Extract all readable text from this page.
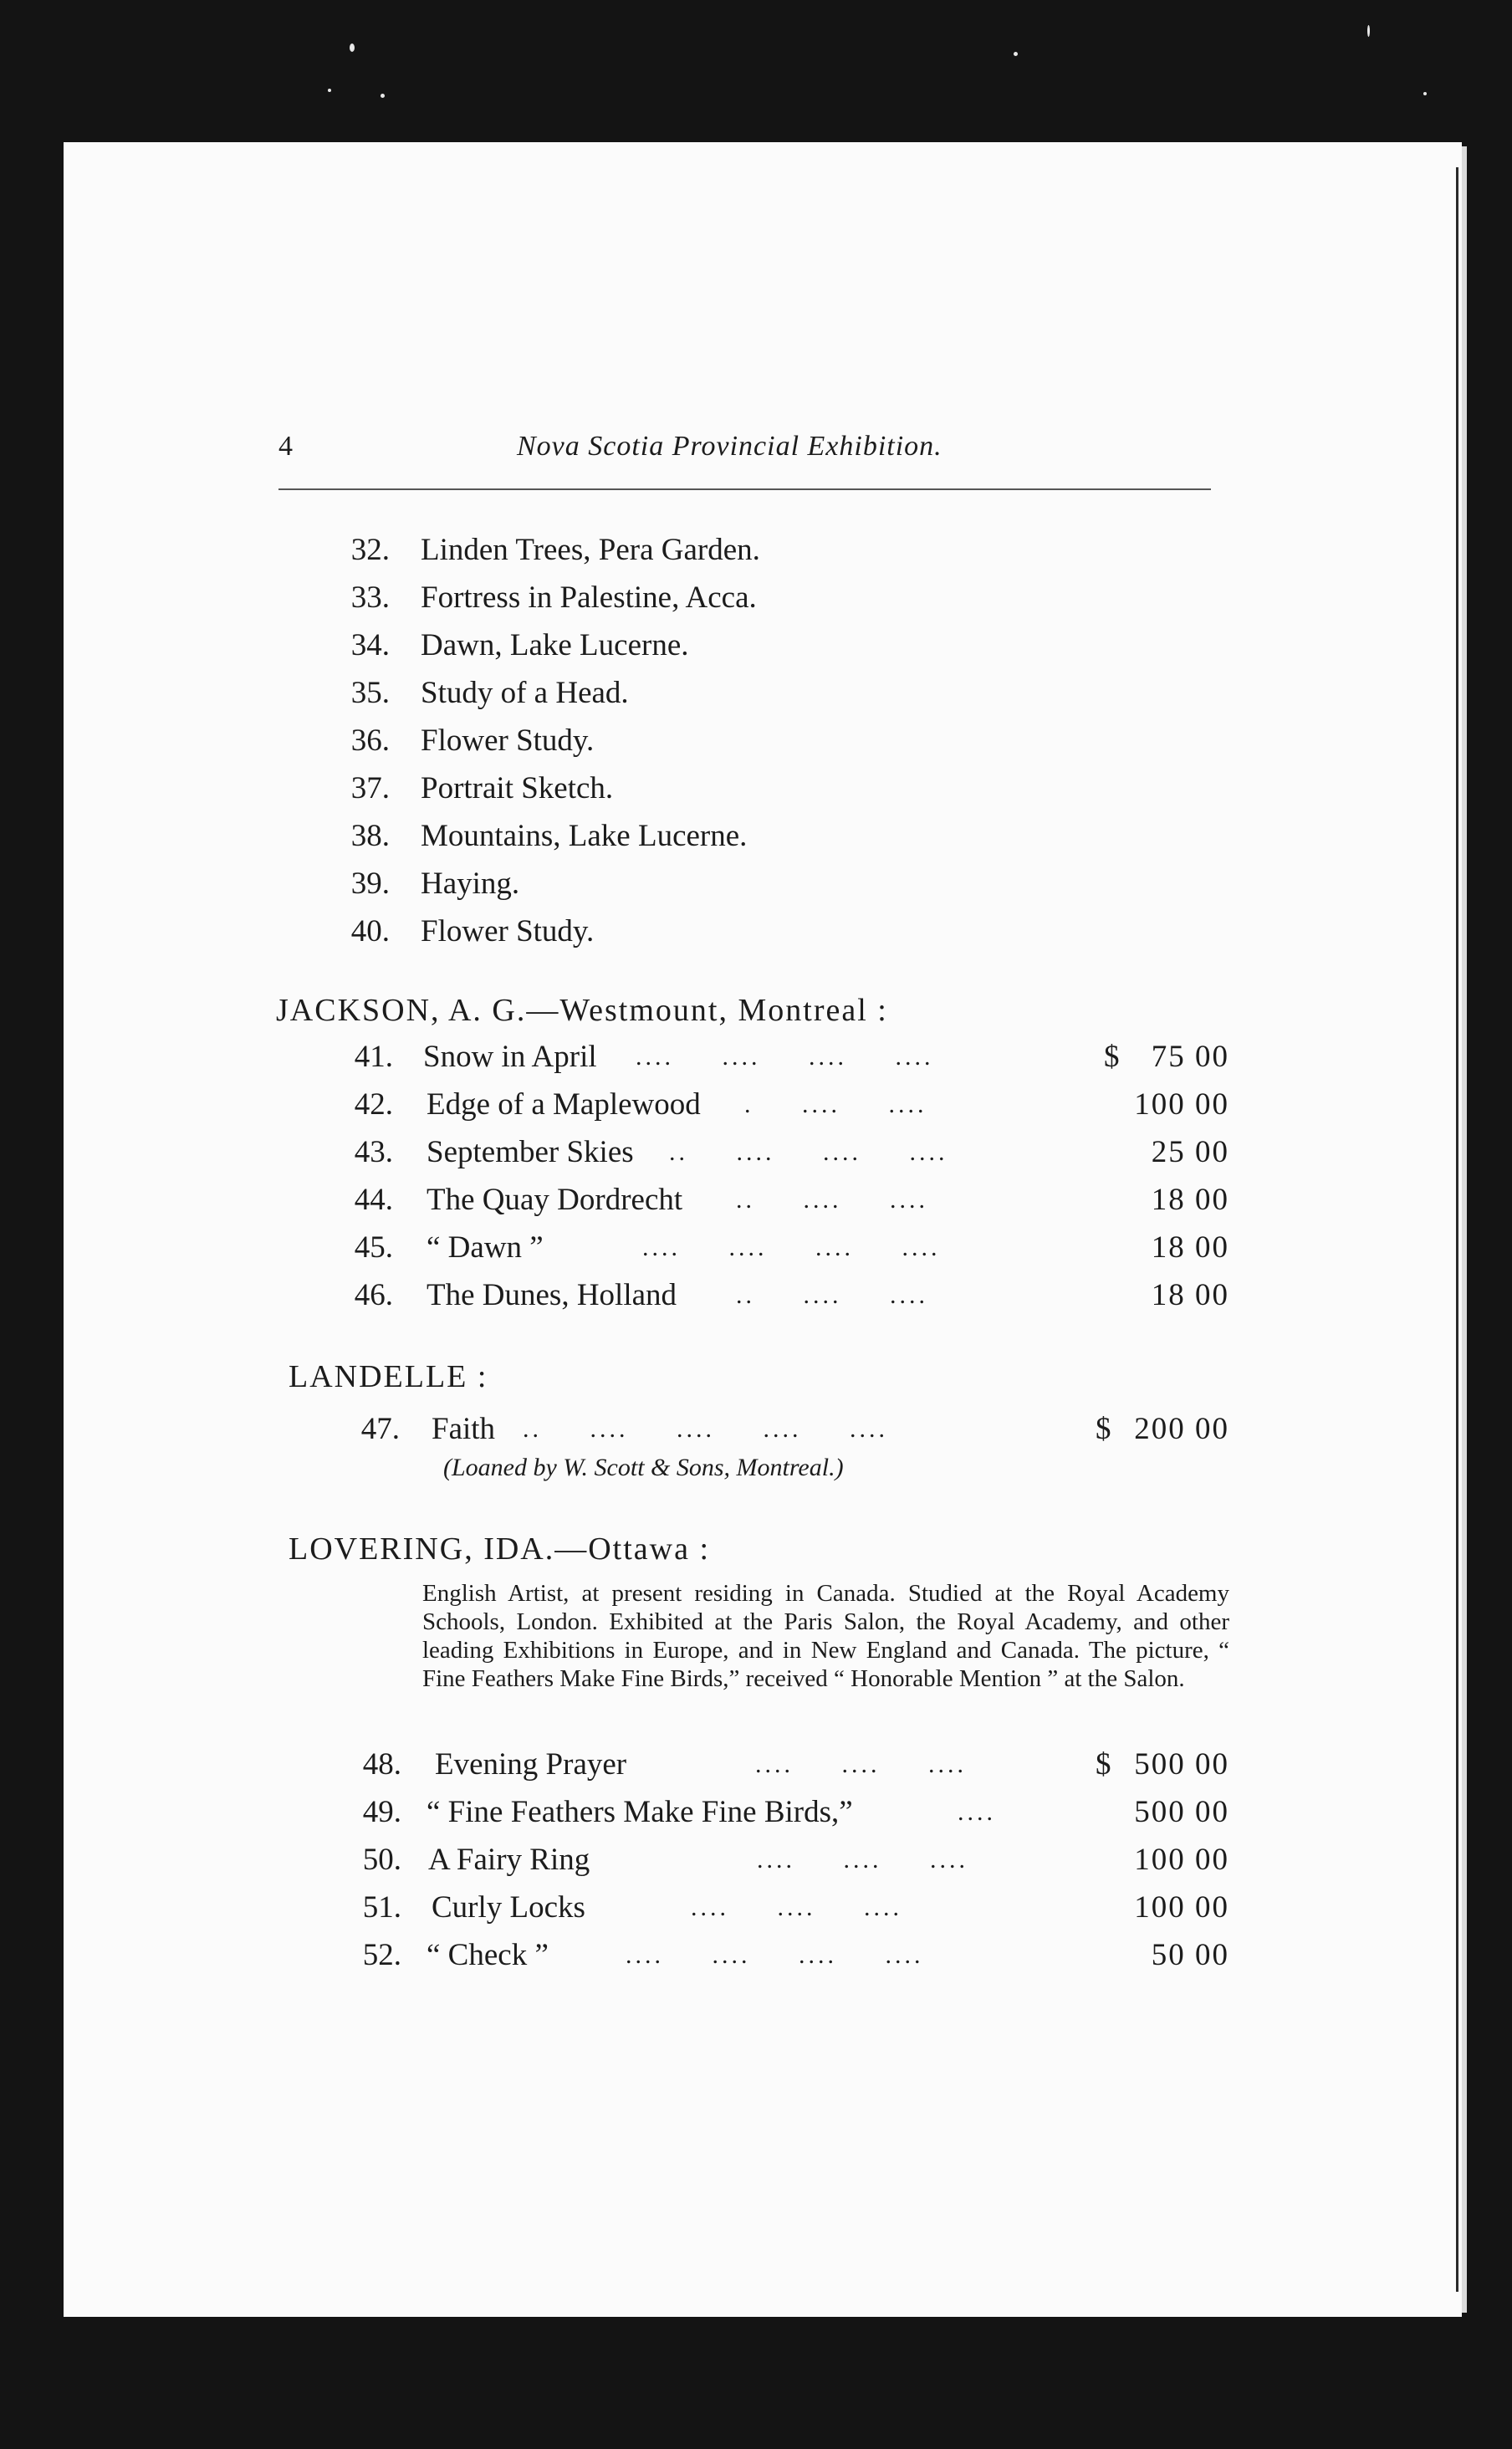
4	Nova Scotia Provincial Exhibition.
32. Linden Trees, Pera Garden.
33. Fortress in Palestine, Acca.
34. Dawn, Lake Lucerne.
35. Study of a Head.
36. Flower Study.
37. Portrait Sketch.
38. Mountains, Lake Lucerne.
39. Haying.
40. Flower Study.
JACKSON, A. G.—Westmount, Montreal :
41. Snow in April ....     ....     ....     ....	$	75 00
42. Edge of a Maplewood .     ....     ....	100 00
43. September Skies ..     ....     ....     ....	25 00
44. The Quay Dordrecht ..     ....     ....	18 00
45. “ Dawn ”	....     ....     ....     ....	18 00
46. The Dunes, Holland ..     ....     ....	18 00
LANDELLE :
47. Faith ..     ....     ....     ....     ....	$ 200 00
(Loaned by W. Scott & Sons, Montreal.)
LOVERING, IDA.—Ottawa :
English Artist, at present residing in Canada. Studied at the Royal Academy Schools, London. Exhibited at the Paris Salon, the Royal Academy, and other leading Exhibitions in Europe, and in New England and Canada. The picture, “ Fine Feathers Make Fine Birds,” received “ Honorable Mention ” at the Salon.
48. Evening Prayer	....     ....     ....	$ 500 00
49. “ Fine Feathers Make Fine Birds,”	....	500 00
50. A Fairy Ring	....     ....     ....	100 00
51. Curly Locks	....     ....     ....	100 00
52. “ Check ”	....     ....     ....     ....	50 00
